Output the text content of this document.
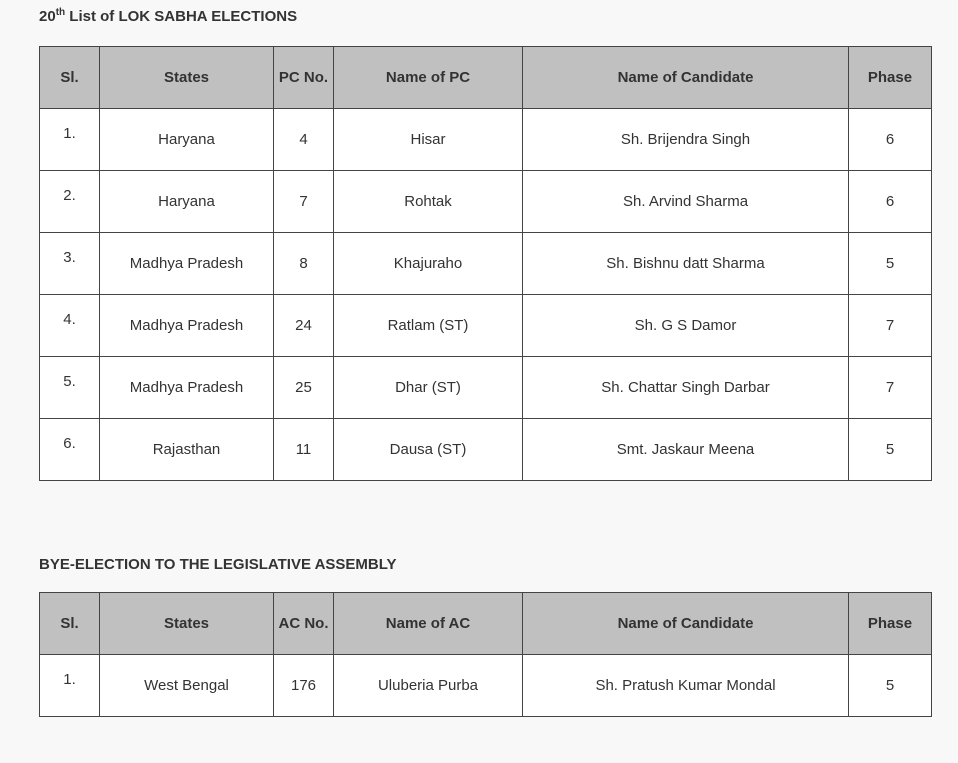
20th List of LOK SABHA ELECTIONS
Sl.	States	PC No.	Name of PC	Name of Candidate	Phase
1.	Haryana	4	Hisar	Sh. Brijendra Singh	6
2.	Haryana	7	Rohtak	Sh. Arvind Sharma	6
3.	Madhya Pradesh	8	Khajuraho	Sh. Bishnu datt Sharma	5
4.	Madhya Pradesh	24	Ratlam (ST)	Sh. G S Damor	7
5.	Madhya Pradesh	25	Dhar (ST)	Sh. Chattar Singh Darbar	7
6.	Rajasthan	11	Dausa (ST)	Smt. Jaskaur Meena	5
BYE-ELECTION TO THE LEGISLATIVE ASSEMBLY
Sl.	States	AC No.	Name of AC	Name of Candidate	Phase
1.	West Bengal	176	Uluberia Purba	Sh. Pratush Kumar Mondal	5
